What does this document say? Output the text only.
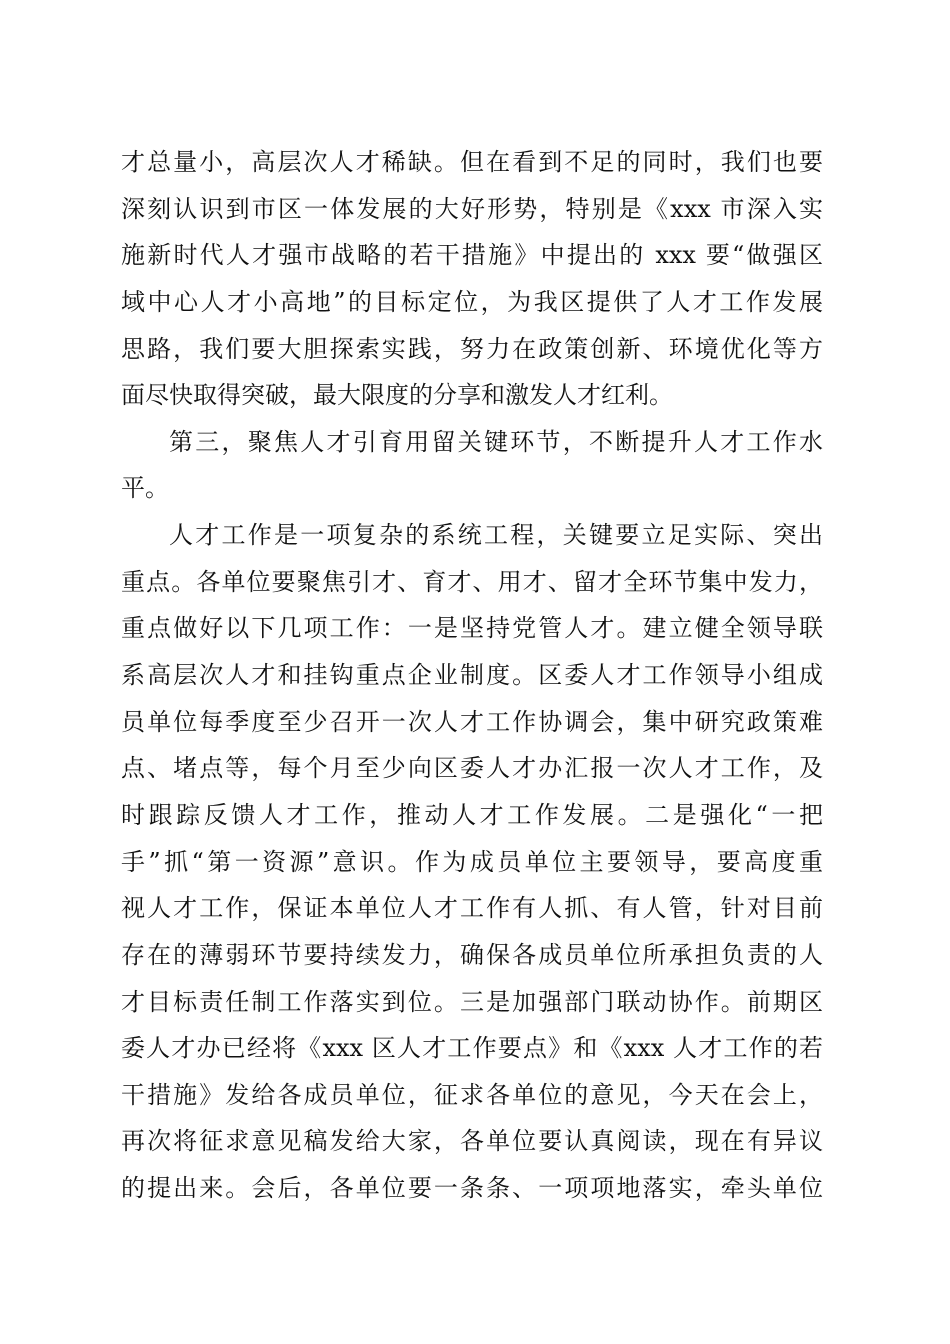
才总量小，高层次人才稀缺。但在看到不足的同时，我们也要
深刻认识到市区一体发展的大好形势，特别是《xxx 市深入实
施新时代人才强市战略的若干措施》中提出的 xxx 要“做强区
域中心人才小高地”的目标定位，为我区提供了人才工作发展
思路，我们要大胆探索实践，努力在政策创新、环境优化等方
面尽快取得突破，最大限度的分享和激发人才红利。
第三，聚焦人才引育用留关键环节，不断提升人才工作水
平。
人才工作是一项复杂的系统工程，关键要立足实际、突出
重点。各单位要聚焦引才、育才、用才、留才全环节集中发力，
重点做好以下几项工作：一是坚持党管人才。建立健全领导联
系高层次人才和挂钩重点企业制度。区委人才工作领导小组成
员单位每季度至少召开一次人才工作协调会，集中研究政策难
点、堵点等，每个月至少向区委人才办汇报一次人才工作，及
时跟踪反馈人才工作，推动人才工作发展。二是强化“一把
手”抓“第一资源”意识。作为成员单位主要领导，要高度重
视人才工作，保证本单位人才工作有人抓、有人管，针对目前
存在的薄弱环节要持续发力，确保各成员单位所承担负责的人
才目标责任制工作落实到位。三是加强部门联动协作。前期区
委人才办已经将《xxx 区人才工作要点》和《xxx 人才工作的若
干措施》发给各成员单位，征求各单位的意见，今天在会上，
再次将征求意见稿发给大家，各单位要认真阅读，现在有异议
的提出来。会后，各单位要一条条、一项项地落实，牵头单位
